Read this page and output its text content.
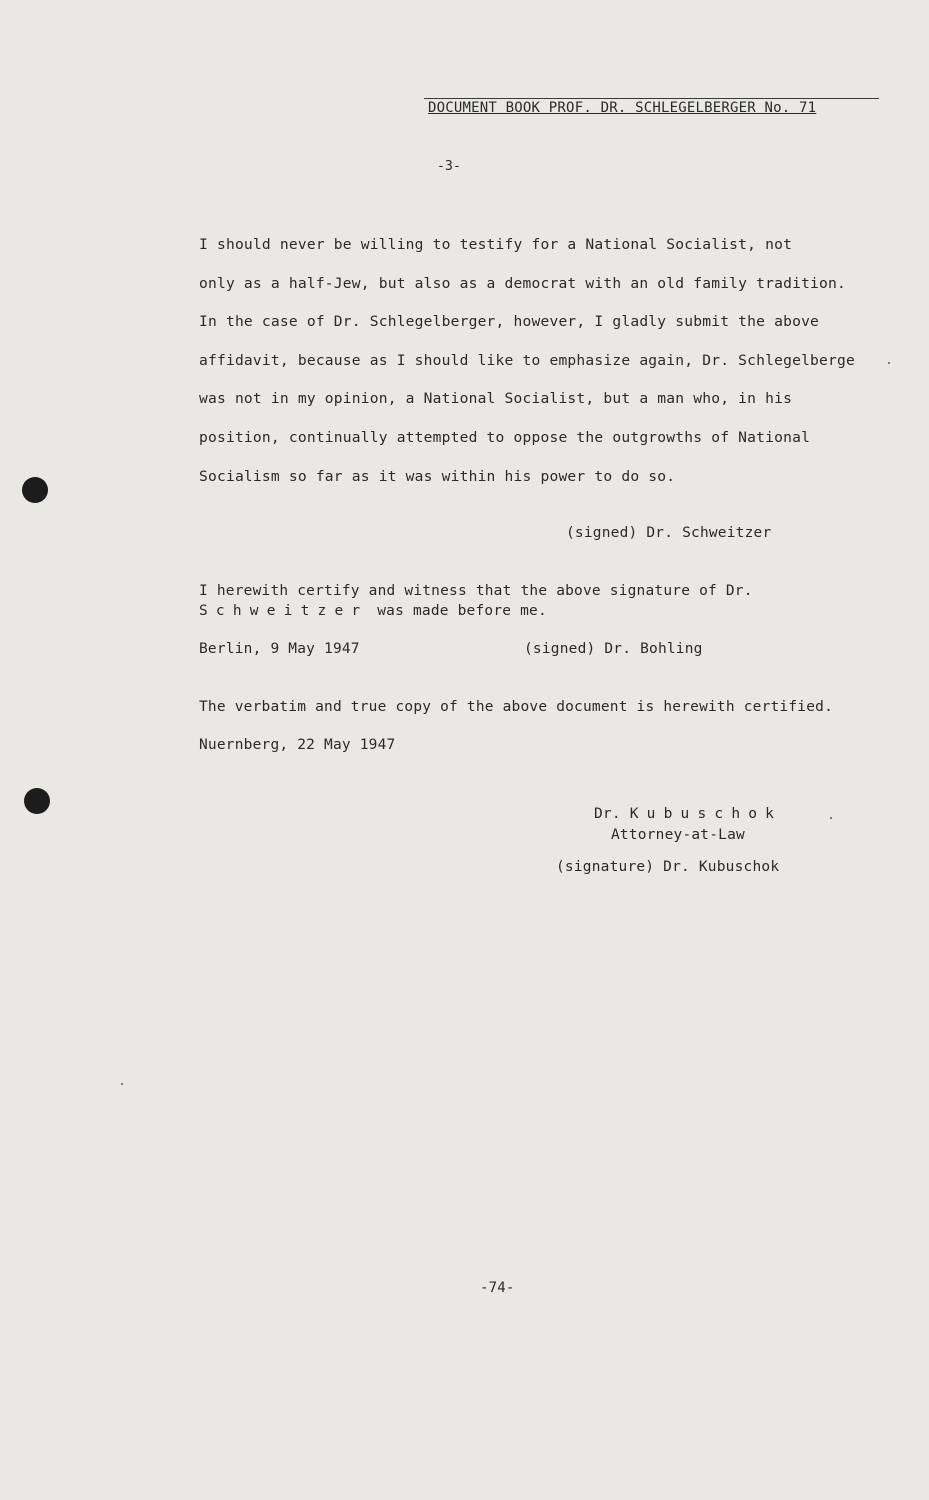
DOCUMENT BOOK PROF. DR. SCHLEGELBERGER No. 71
-3-
I should never be willing to testify for a National Socialist, not
only as a half-Jew, but also as a democrat with an old family tradition.
In the case of Dr. Schlegelberger, however, I gladly submit the above
affidavit, because as I should like to emphasize again, Dr. Schlegelberge
was not in my opinion, a National Socialist, but a man who, in his
position, continually attempted to oppose the outgrowths of National
Socialism so far as it was within his power to do so.
(signed) Dr. Schweitzer
I herewith certify and witness that the above signature of Dr.
Schweitzer was made before me.
Berlin, 9 May 1947	(signed) Dr. Bohling
The verbatim and true copy of the above document is herewith certified.
Nuernberg, 22 May 1947
Dr. Kubuschok
Attorney-at-Law
(signature) Dr. Kubuschok
-74-
